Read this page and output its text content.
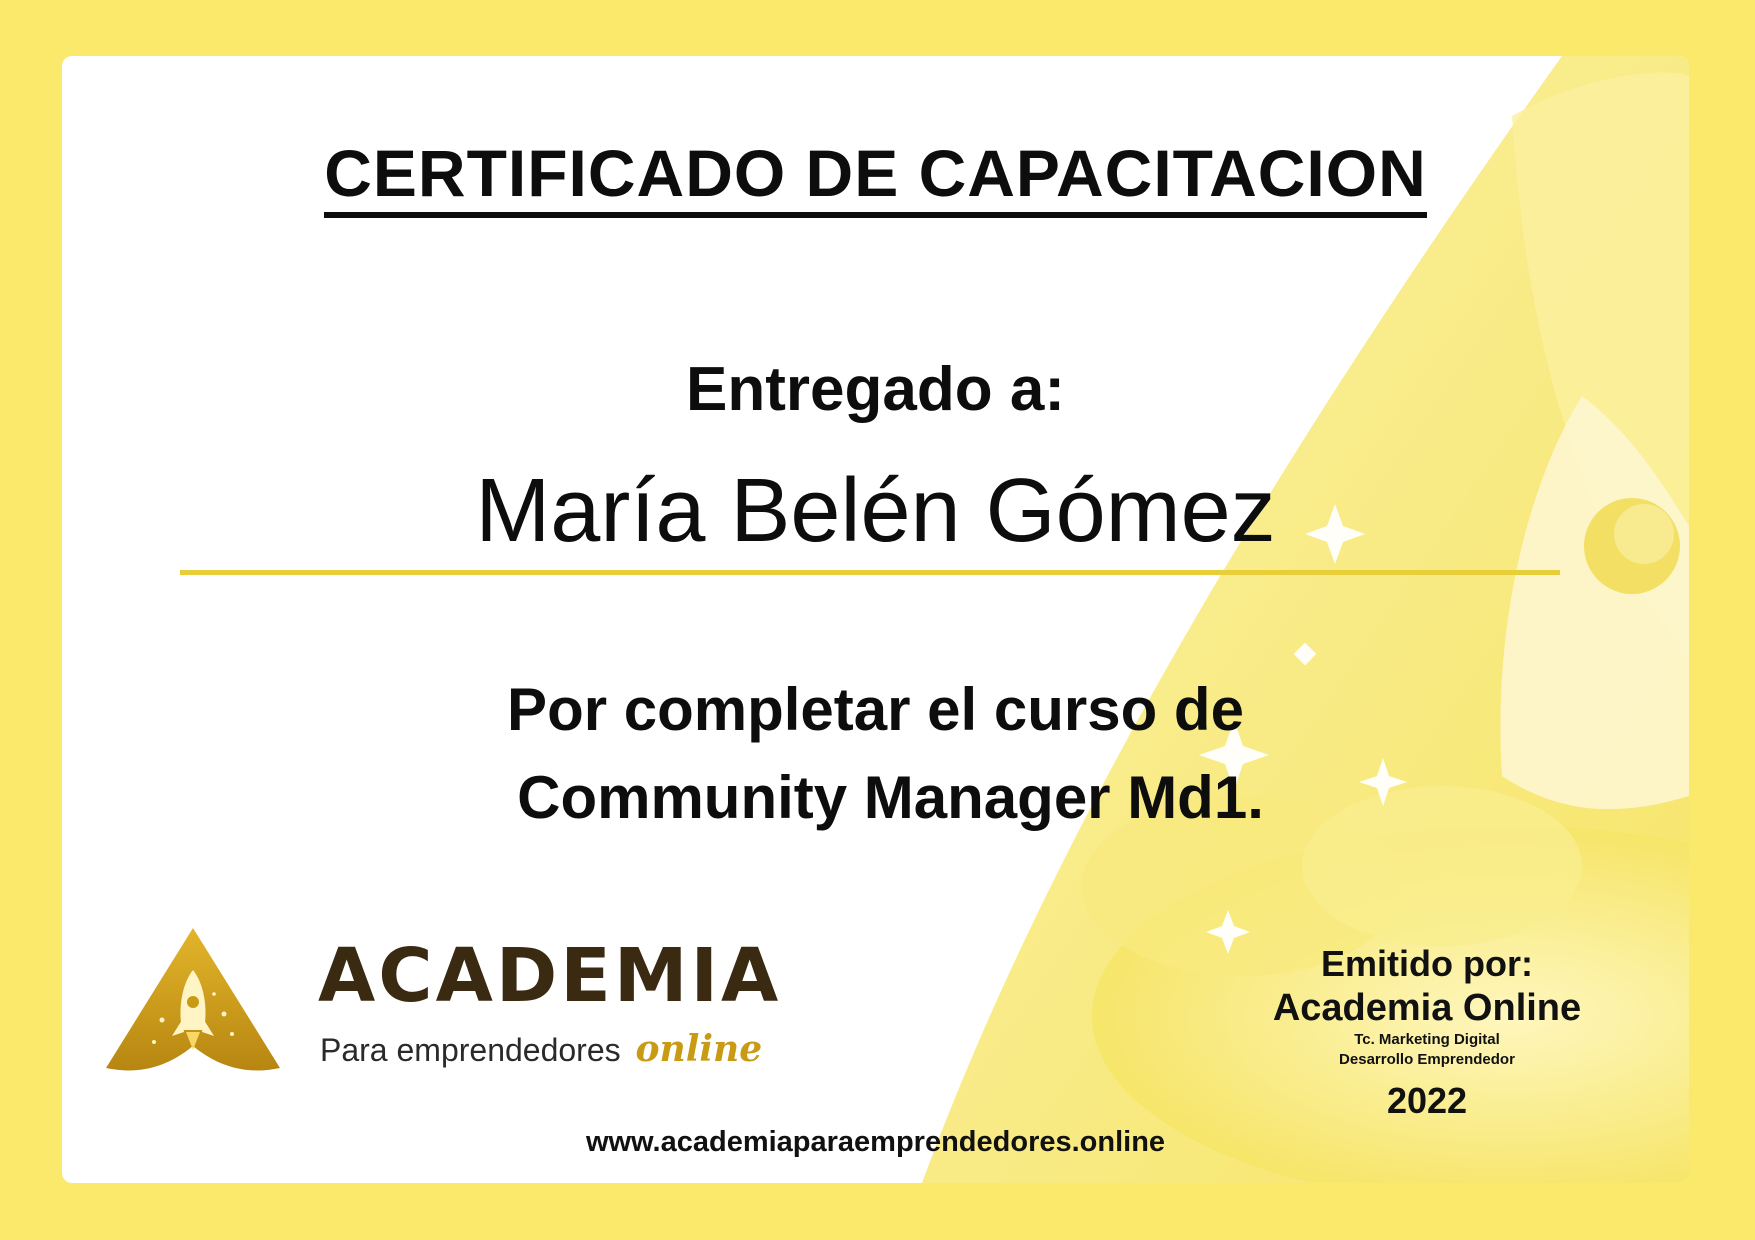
CERTIFICADO DE CAPACITACION
Entregado a:
María Belén Gómez
Por completar el curso de
Community Manager Md1.
ACADEMIA
Para emprendedores online
Emitido por:
Academia Online
Tc. Marketing Digital
Desarrollo Emprendedor
2022
www.academiaparaemprendedores.online
